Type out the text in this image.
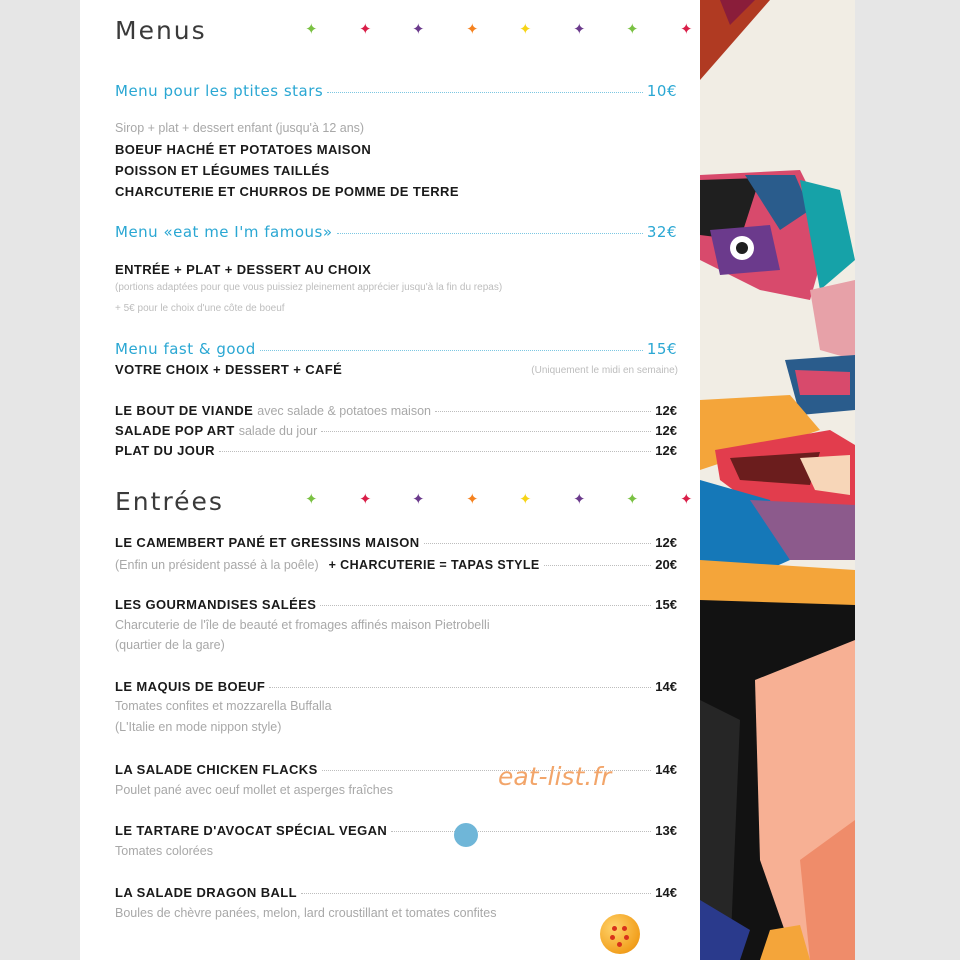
Menus	✦	✦	✦	✦	✦	✦	✦	✦
Menu pour les ptites stars	10€
Sirop + plat + dessert enfant (jusqu'à 12 ans)
BOEUF HACHÉ ET POTATOES MAISON
POISSON ET LÉGUMES TAILLÉS
CHARCUTERIE ET CHURROS DE POMME DE TERRE
Menu «eat me I'm famous»	32€
ENTRÉE + PLAT + DESSERT AU CHOIX
(portions adaptées pour que vous puissiez pleinement apprécier jusqu'à la fin du repas)
+ 5€ pour le choix d'une côte de boeuf
Menu fast & good	15€
VOTRE CHOIX + DESSERT + CAFÉ	(Uniquement le midi en semaine)
LE BOUT DE VIANDE avec salade & potatoes maison	12€
SALADE POP ART salade du jour	12€
PLAT DU JOUR	12€
Entrées	✦	✦	✦	✦	✦	✦	✦	✦
LE CAMEMBERT PANÉ ET GRESSINS MAISON	12€
(Enfin un président passé à la poêle) + CHARCUTERIE = TAPAS STYLE	20€
LES GOURMANDISES SALÉES	15€
Charcuterie de l'île de beauté et fromages affinés maison Pietrobelli
(quartier de la gare)
LE MAQUIS DE BOEUF	14€
Tomates confites et mozzarella Buffalla
(L'Italie en mode nippon style)
LA SALADE CHICKEN FLACKS	14€
Poulet pané avec oeuf mollet et asperges fraîches
LE TARTARE D'AVOCAT SPÉCIAL VEGAN	13€
Tomates colorées
LA SALADE DRAGON BALL	14€
Boules de chèvre panées, melon, lard croustillant et tomates confites
eat-list.fr
